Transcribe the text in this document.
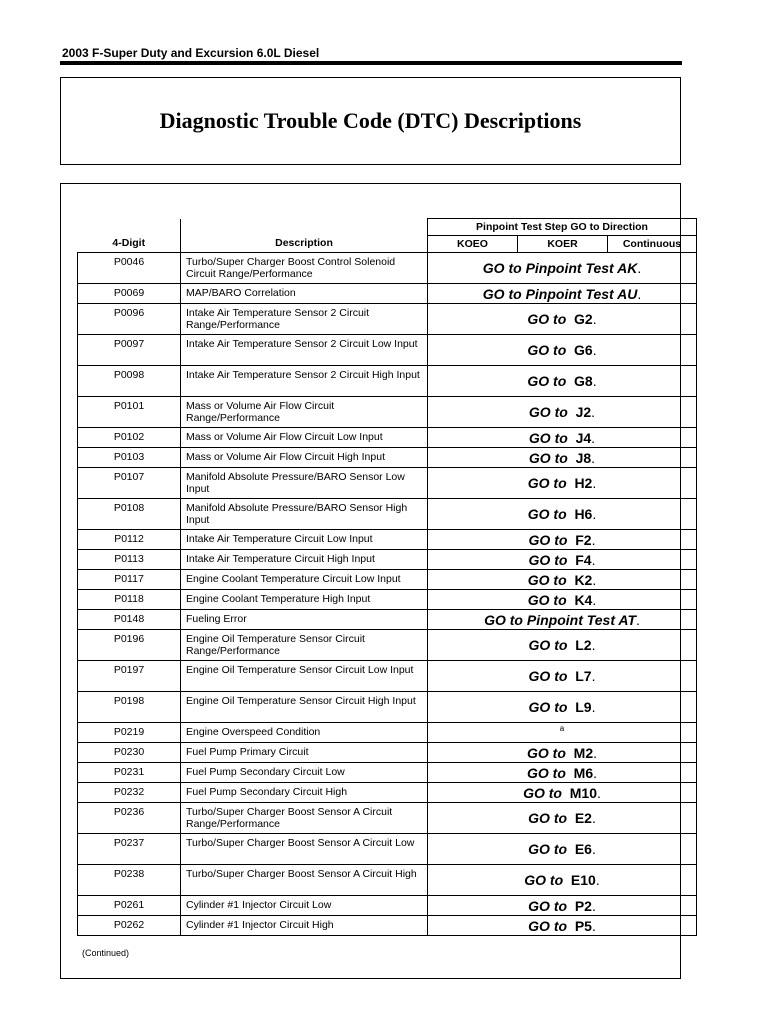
2003 F-Super Duty and Excursion 6.0L Diesel
Diagnostic Trouble Code (DTC) Descriptions
4-Digit	Description	Pinpoint Test Step GO to Direction		
		KOEO	KOER	Continuous
P0046	Turbo/Super Charger Boost Control Solenoid Circuit Range/Performance	GO to Pinpoint Test AK.		
P0069	MAP/BARO Correlation	GO to Pinpoint Test AU.		
P0096	Intake Air Temperature Sensor 2 Circuit Range/Performance	GO to G2.		
P0097	Intake Air Temperature Sensor 2 Circuit Low Input	GO to G6.		
P0098	Intake Air Temperature Sensor 2 Circuit High Input	GO to G8.		
P0101	Mass or Volume Air Flow Circuit Range/Performance	GO to J2.		
P0102	Mass or Volume Air Flow Circuit Low Input	GO to J4.		
P0103	Mass or Volume Air Flow Circuit High Input	GO to J8.		
P0107	Manifold Absolute Pressure/BARO Sensor Low Input	GO to H2.		
P0108	Manifold Absolute Pressure/BARO Sensor High Input	GO to H6.		
P0112	Intake Air Temperature Circuit Low Input	GO to F2.		
P0113	Intake Air Temperature Circuit High Input	GO to F4.		
P0117	Engine Coolant Temperature Circuit Low Input	GO to K2.		
P0118	Engine Coolant Temperature High Input	GO to K4.		
P0148	Fueling Error	GO to Pinpoint Test AT.		
P0196	Engine Oil Temperature Sensor Circuit Range/Performance	GO to L2.		
P0197	Engine Oil Temperature Sensor Circuit Low Input	GO to L7.		
P0198	Engine Oil Temperature Sensor Circuit High Input	GO to L9.		
P0219	Engine Overspeed Condition	a		
P0230	Fuel Pump Primary Circuit	GO to M2.		
P0231	Fuel Pump Secondary Circuit Low	GO to M6.		
P0232	Fuel Pump Secondary Circuit High	GO to M10.		
P0236	Turbo/Super Charger Boost Sensor A Circuit Range/Performance	GO to E2.		
P0237	Turbo/Super Charger Boost Sensor A Circuit Low	GO to E6.		
P0238	Turbo/Super Charger Boost Sensor A Circuit High	GO to E10.		
P0261	Cylinder #1 Injector Circuit Low	GO to P2.		
P0262	Cylinder #1 Injector Circuit High	GO to P5.		
(Continued)
